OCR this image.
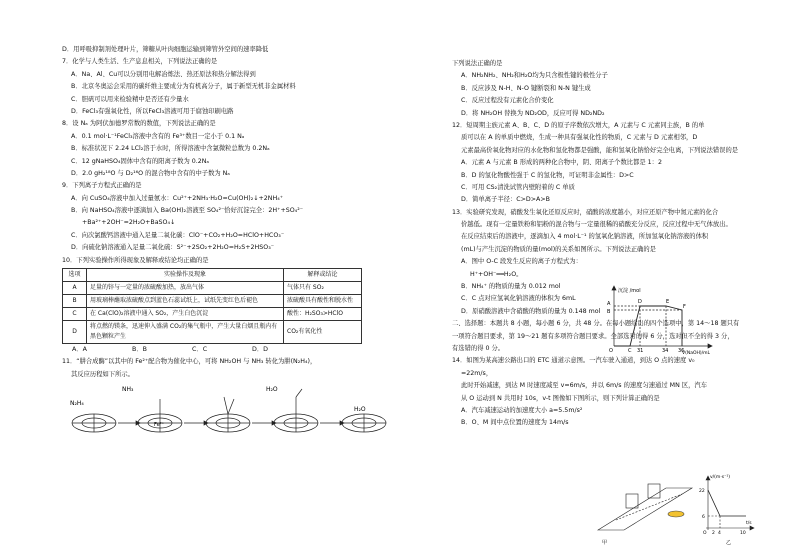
D．用呼吸抑制剂处理叶片，筛糖从叶肉细胞运输到筛管外空间的速率降低
7．化学与人类生活、生产息息相关，下列说法正确的是
A．Na、Al、Cu可以分别用电解冶炼法、热还原法和热分解法得到
B．北京冬奥运会采用的碳纤维主要成分为有机高分子，属于新型无机非金属材料
C．胆矾可以用来检验精中是否还有少量水
D．FeCl₃有强氧化性，所以FeCl₃溶液可用于腐蚀印刷电路
8．设 Nₐ 为阿伏加德罗常数的数值，下列说法正确的是
A．0.1 mol·L⁻¹FeCl₃溶液中含有的 Fe³⁺数目一定小于 0.1 Nₐ
B．标准状况下 2.24 LCl₂溶于水时，所得溶液中含氯微粒总数为 0.2Nₐ
C．12 gNaHSO₄固体中含有的阳离子数为 0.2Nₐ
D．2.0 gH₂¹⁸O 与 D₂¹⁶O 的混合物中含有的中子数为 Nₐ
9．下列离子方程式正确的是
A．向 CuSO₄溶液中加入过量氨水：Cu²⁺+2NH₃·H₂O=Cu(OH)₂↓+2NH₄⁺
B．向 NaHSO₄溶液中逐滴加入 Ba(OH)₂溶液至 SO₄²⁻恰好沉淀完全：2H⁺+SO₄²⁻
+Ba²⁺+2OH⁻=2H₂O+BaSO₄↓
C．向次氯酸钙溶液中通入足量二氧化碳：ClO⁻+CO₂+H₂O=HClO+HCO₃⁻
D．向硫化钠溶液通入足量二氧化硫：S²⁻+2SO₂+2H₂O=H₂S+2HSO₃⁻
10．下列实验操作所得现象及解释或结论均正确的是
选项	实验操作及现象	解释或结论
A	足量的锌与一定量的浓硫酸加热，放出气体	气体只有 SO₂
B	用玻璃棒蘸取浓硫酸点到蓝色石蕊试纸上，试纸先变红色后褪色	浓硫酸具有酸性和脱水性
C	在 Ca(ClO)₂溶液中通入 SO₂，产生白色沉淀	酸性：H₂SO₃>HClO
D	将点燃的镁条，迅速伸入盛满 CO₂的集气瓶中，产生大量白烟且瓶内有黑色颗粒产生	CO₂有氧化性
A．A	B．B	C．C	D．D
11．“肼合成酶”以其中的 Fe²⁺配合物为催化中心，可将 NH₂OH 与 NH₃ 转化为肼(N₂H₄)，
其反应历程如下所示。
NH₃
N₂H₄
H₂O
H₂O
Fe²⁺
下列说法正确的是
A．NH₂NH₂、NH₂和H₂O均为只含极性键的极性分子
B．反应涉及 N-H、N-O 键断裂和 N-N 键生成
C．反应过程没有元素化合价变化
D．将 NH₂OH 替换为 ND₂OD，反应可得 ND₂ND₂
12．短周期主族元素 A、B、C、D 的原子序数依次增大，A 元素与 C 元素同主族，B 的单
质可以在 A 的单质中燃烧，生成一种具有强氧化性的物质，C 元素与 D 元素相邻，D
元素最高价氧化物对应的水化物和氢化物都是强酸，能和氢氧化钠恰好完全电离，下列说法错误的是
A．元素 A 与元素 B 形成的两种化合物中，阴、阳离子个数比都是 1：2
B．D 的氢化物酸性强于 C 的氢化物，可证明非金属性：D>C
C．可用 CS₂清洗试管内壁附着的 C 单质
D．简单离子半径：C>D>A>B
13．实验研究发现，硝酸发生氧化还原反应时，硝酸的浓度越小，对应还原产物中氮元素的化合
价越低。现有一定量铁粉和铝粉的混合物与一定量很稀的硝酸充分反应，反应过程中无气体放出。
在反应结束后的溶液中，逐滴加入 4 mol·L⁻¹ 的氢氧化钠溶液，所加氢氧化钠溶液的体积
(mL)与产生沉淀的物质的量(mol)的关系如图所示。下列说法正确的是
A．图中 O-C 段发生反应的离子方程式为：
H⁺+OH⁻══H₂O。
B．NH₄⁺ 的物质的量为 0.012 mol
C．C 点对应氢氧化钠溶液的体积为 6mL
D．原硝酸溶液中含硝酸的物质的量为 0.148 mol
二、选择题：本题共 8 小题，每小题 6 分，共 48 分。在每小题给出的四个选项中，第 14～18 题只有
一项符合题目要求，第 19～21 题有多项符合题目要求。全部选对的得 6 分，选对但不全的得 3 分，
有选错的得 0 分。
14．如图为某高速公路出口的 ETC 通道示意图。一汽车驶入通道，到达 O 点的速度 v₀
=22m/s，
此时开始减速，到达 M 时速度减至 v=6m/s，并以 6m/s 的速度匀速通过 MN 区，汽车
从 O 运动到 N 共用时 10s，v-t 图像如下图所示，则下列计算正确的是
A．汽车减速运动的加速度大小 a=5.5m/s²
B．O、M 间中点位置的速度为 14m/s
沉淀 /mol
V(NaOH)/mL
O	C 31	34 36
A
B
D	E
F
v/(m·s⁻¹)
22
6
O 2 4	10
t/s
甲	乙
